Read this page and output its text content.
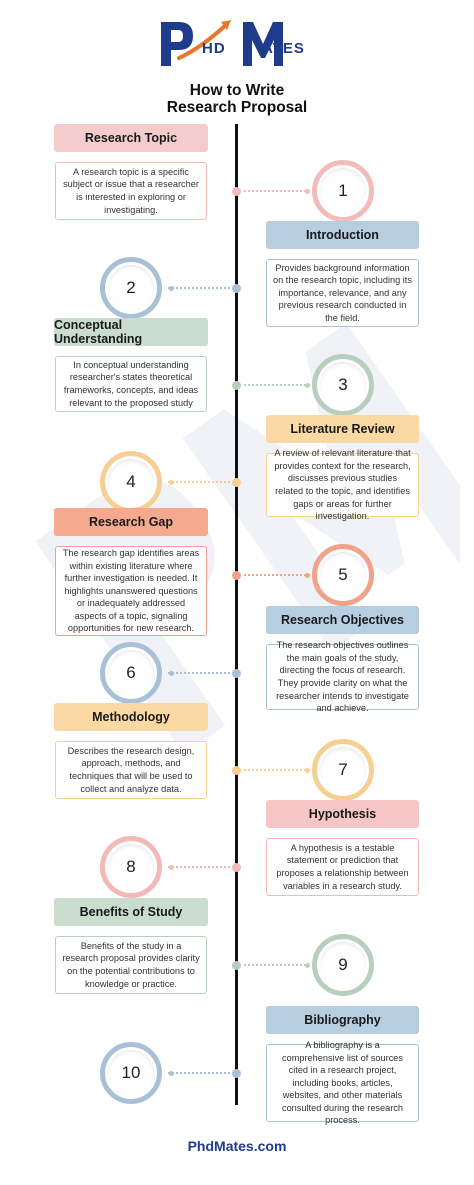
HD ATES
How to Write
Research Proposal
Research Topic
A research topic is a specific subject or issue that a researcher is interested in exploring or investigating.
1
Introduction
Provides background information on the research topic, including its importance, relevance, and any previous research conducted in the field.
2
Conceptual Understanding
In conceptual understanding researcher's states theoretical frameworks, concepts, and ideas relevant to the proposed study
3
Literature Review
A review of relevant literature that provides context for the research, discusses previous studies related to the topic, and identifies gaps or areas for further investigation.
4
Research Gap
The research gap identifies areas within existing literature where further investigation is needed. It highlights unanswered questions or inadequately addressed aspects of a topic, signaling opportunities for new research.
5
Research Objectives
The research objectives outlines the main goals of the study, directing the focus of research. They provide clarity on what the researcher intends to investigate and achieve.
6
Methodology
Describes the research design, approach, methods, and techniques that will be used to collect and analyze data.
7
Hypothesis
A hypothesis is a testable statement or prediction that proposes a relationship between variables in a research study.
8
Benefits of Study
Benefits of the study in a research proposal provides clarity on the potential contributions to knowledge or practice.
9
Bibliography
A bibliography is a comprehensive list of sources cited in a research project, including books, articles, websites, and other materials consulted during the research process.
10
PhdMates.com
